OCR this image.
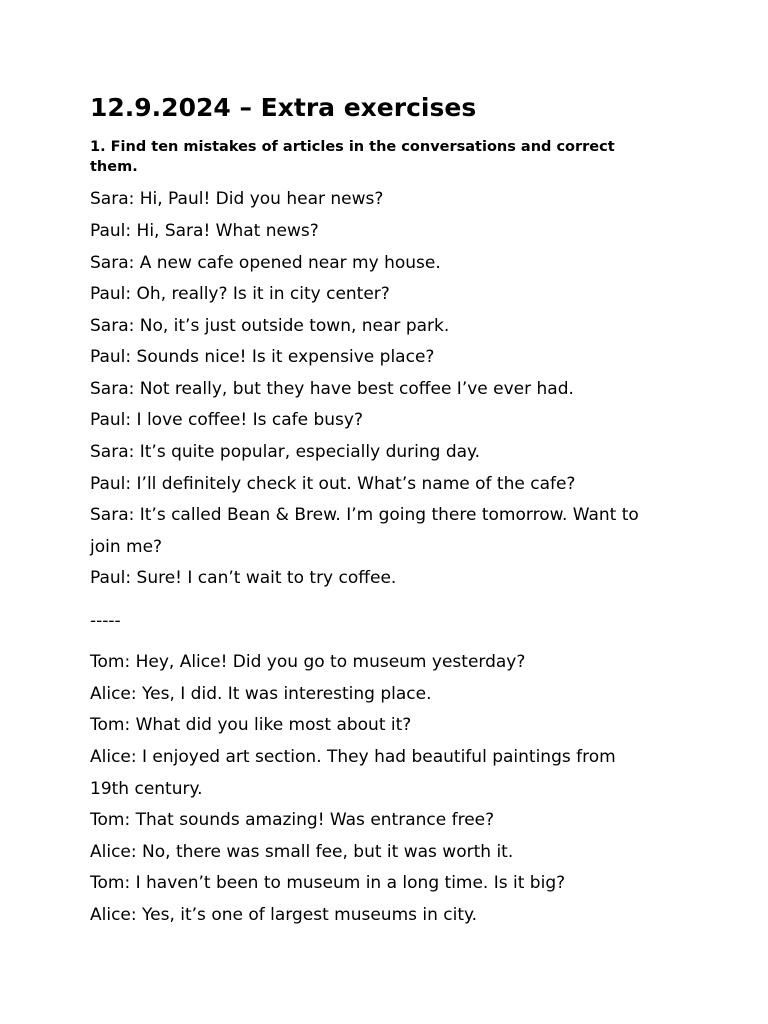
12.9.2024 – Extra exercises

1. Find ten mistakes of articles in the conversations and correct them.

Sara: Hi, Paul! Did you hear news?
Paul: Hi, Sara! What news?
Sara: A new cafe opened near my house.
Paul: Oh, really? Is it in city center?
Sara: No, it’s just outside town, near park.
Paul: Sounds nice! Is it expensive place?
Sara: Not really, but they have best coffee I’ve ever had.
Paul: I love coffee! Is cafe busy?
Sara: It’s quite popular, especially during day.
Paul: I’ll definitely check it out. What’s name of the cafe?
Sara: It’s called Bean & Brew. I’m going there tomorrow. Want to
join me?
Paul: Sure! I can’t wait to try coffee.
-----
Tom: Hey, Alice! Did you go to museum yesterday?
Alice: Yes, I did. It was interesting place.
Tom: What did you like most about it?
Alice: I enjoyed art section. They had beautiful paintings from
19th century.
Tom: That sounds amazing! Was entrance free?
Alice: No, there was small fee, but it was worth it.
Tom: I haven’t been to museum in a long time. Is it big?
Alice: Yes, it’s one of largest museums in city.
